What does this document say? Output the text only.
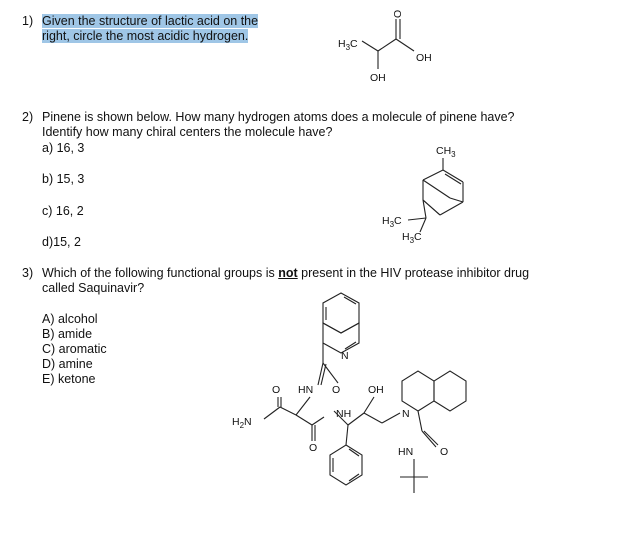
1) Given the structure of lactic acid on the
right, circle the most acidic hydrogen.
$H_3C$
O
OH
OH
2) Pinene is shown below. How many hydrogen atoms does a molecule of pinene have?
Identify how many chiral centers the molecule have?
a) 16, 3
b) 15, 3
c) 16, 2
d)15, 2
$CH_3$
$H_3C$
$H_3C$
3) Which of the following functional groups is not present in the HIV protease inhibitor drug
called Saquinavir?
A) alcohol
B) amide
C) aromatic
D) amine
E) ketone
N
O
HN
O
$H_2N$
O
NH
OH
N
O
HN
